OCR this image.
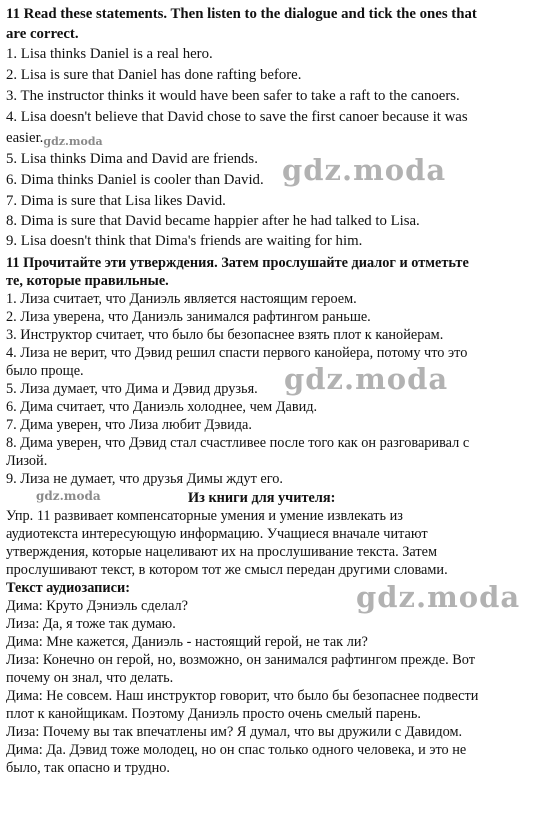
11 Read these statements. Then listen to the dialogue and tick the ones that
are correct.
1. Lisa thinks Daniel is a real hero.
2. Lisa is sure that Daniel has done rafting before.
3. The instructor thinks it would have been safer to take a raft to the canoers.
4. Lisa doesn't believe that David chose to save the first canoer because it was
$easier._{gdz.moda}$
5. Lisa thinks Dima and David are friends.
6. Dima thinks Daniel is cooler than David.
7. Dima is sure that Lisa likes David.
8. Dima is sure that David became happier after he had talked to Lisa.
9. Lisa doesn't think that Dima's friends are waiting for him.
11 Прочитайте эти утверждения. Затем прослушайте диалог и отметьте
те, которые правильные.
1. Лиза считает, что Даниэль является настоящим героем.
2. Лиза уверена, что Даниэль занимался рафтингом раньше.
3. Инструктор считает, что было бы безопаснее взять плот к канойерам.
4. Лиза не верит, что Дэвид решил спасти первого канойера, потому что это
было проще.
5. Лиза думает, что Дима и Дэвид друзья.
6. Дима считает, что Даниэль холоднее, чем Давид.
7. Дима уверен, что Лиза любит Дэвида.
8. Дима уверен, что Дэвид стал счастливее после того как он разговаривал с
Лизой.
9. Лиза не думает, что друзья Димы ждут его.
gdz.moda	Из книги для учителя:
Упр. 11 развивает компенсаторные умения и умение извлекать из
аудиотекста интересующую информацию. Учащиеся вначале читают
утверждения, которые нацеливают их на прослушивание текста. Затем
прослушивают текст, в котором тот же смысл передан другими словами.
Текст аудиозаписи:
Дима: Круто Дэниэль сделал?
Лиза: Да, я тоже так думаю.
Дима: Мне кажется, Даниэль - настоящий герой, не так ли?
Лиза: Конечно он герой, но, возможно, он занимался рафтингом прежде. Вот
почему он знал, что делать.
Дима: Не совсем. Наш инструктор говорит, что было бы безопаснее подвести
плот к канойщикам. Поэтому Даниэль просто очень смелый парень.
Лиза: Почему вы так впечатлены им? Я думал, что вы дружили с Давидом.
Дима: Да. Дэвид тоже молодец, но он спас только одного человека, и это не
было, так опасно и трудно.
gdz.moda
gdz.moda
gdz.moda
